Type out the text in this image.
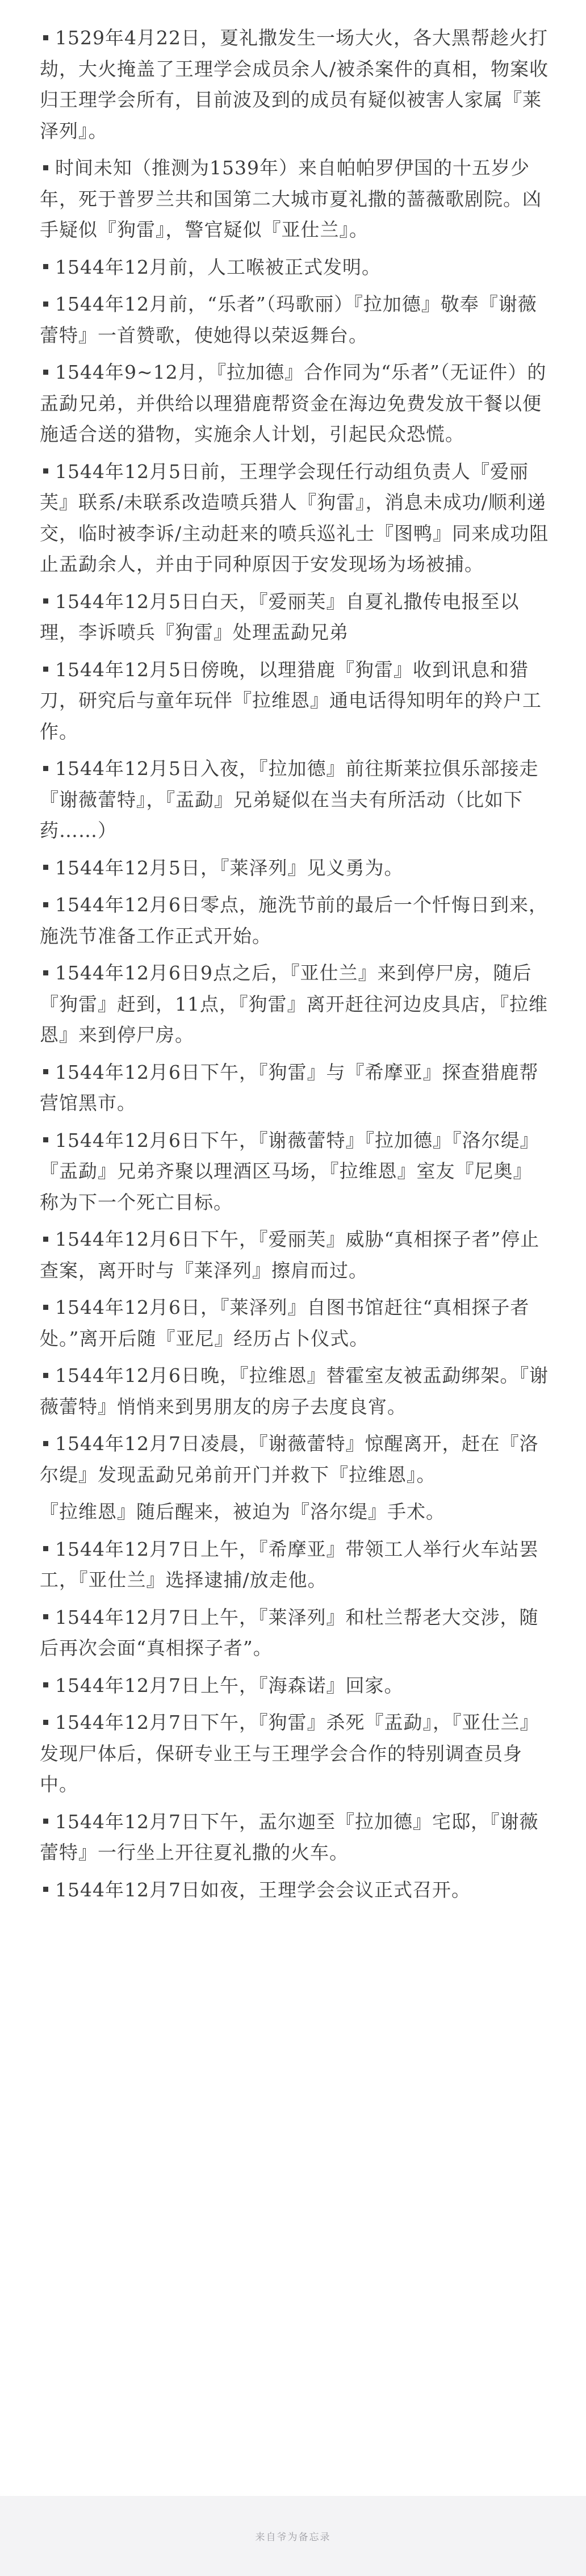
1529年4月22日，夏礼撒发生一场大火，各大黑帮趁火打劫，大火掩盖了王理学会成员余人/被杀案件的真相，物案收归王理学会所有，目前波及到的成员有疑似被害人家属『莱泽列』。
时间未知（推测为1539年）来自帕帕罗伊国的十五岁少年，死于普罗兰共和国第二大城市夏礼撒的蔷薇歌剧院。凶手疑似『狗雷』，警官疑似『亚仕兰』。
1544年12月前，人工喉被正式发明。
1544年12月前，“乐者”（玛歌丽）『拉加德』敬奉『谢薇蕾特』一首赞歌，使她得以荣返舞台。
1544年9~12月，『拉加德』合作同为“乐者”（无证件）的盂勐兄弟，并供给以理猎鹿帮资金在海边免费发放干餐以便施适合送的猎物，实施余人计划，引起民众恐慌。
1544年12月5日前，王理学会现任行动组负责人『爱丽芙』联系/未联系改造喷兵猎人『狗雷』，消息未成功/顺利递交，临时被李诉/主动赶来的喷兵巡礼士『图鸭』同来成功阻止盂勐余人，并由于同种原因于安发现场为场被捕。
1544年12月5日白天，『爱丽芙』自夏礼撒传电报至以理，李诉喷兵『狗雷』处理盂勐兄弟
1544年12月5日傍晚，以理猎鹿『狗雷』收到讯息和猎刀，研究后与童年玩伴『拉维恩』通电话得知明年的羚户工作。
1544年12月5日入夜，『拉加德』前往斯莱拉俱乐部接走『谢薇蕾特』，『盂勐』兄弟疑似在当夫有所活动（比如下药……）
1544年12月5日，『莱泽列』见义勇为。
1544年12月6日零点，施洗节前的最后一个忏悔日到来，施洗节准备工作正式开始。
1544年12月6日9点之后，『亚仕兰』来到停尸房，随后『狗雷』赶到，11点，『狗雷』离开赶往河边皮具店，『拉维恩』来到停尸房。
1544年12月6日下午，『狗雷』与『希摩亚』探查猎鹿帮营馆黑市。
1544年12月6日下午，『谢薇蕾特』『拉加德』『洛尔缇』『盂勐』兄弟齐聚以理酒区马场，『拉维恩』室友『尼奥』称为下一个死亡目标。
1544年12月6日下午，『爱丽芙』威胁“真相探子者”停止查案，离开时与『莱泽列』擦肩而过。
1544年12月6日，『莱泽列』自图书馆赶往“真相探子者处。”离开后随『亚尼』经历占卜仪式。
1544年12月6日晚，『拉维恩』替霍室友被盂勐绑架。『谢薇蕾特』悄悄来到男朋友的房子去度良宵。
1544年12月7日凌晨，『谢薇蕾特』惊醒离开，赶在『洛尔缇』发现盂勐兄弟前开门并救下『拉维恩』。
『拉维恩』随后醒来，被迫为『洛尔缇』手术。
1544年12月7日上午，『希摩亚』带领工人举行火车站罢工，『亚仕兰』选择逮捕/放走他。
1544年12月7日上午，『莱泽列』和杜兰帮老大交涉，随后再次会面“真相探子者”。
1544年12月7日上午，『海森诺』回家。
1544年12月7日下午，『狗雷』杀死『盂勐』，『亚仕兰』发现尸体后，保研专业王与王理学会合作的特别调查员身中。
1544年12月7日下午，盂尔迦至『拉加德』宅邸，『谢薇蕾特』一行坐上开往夏礼撒的火车。
1544年12月7日如夜，王理学会会议正式召开。
来自爷为备忘录
